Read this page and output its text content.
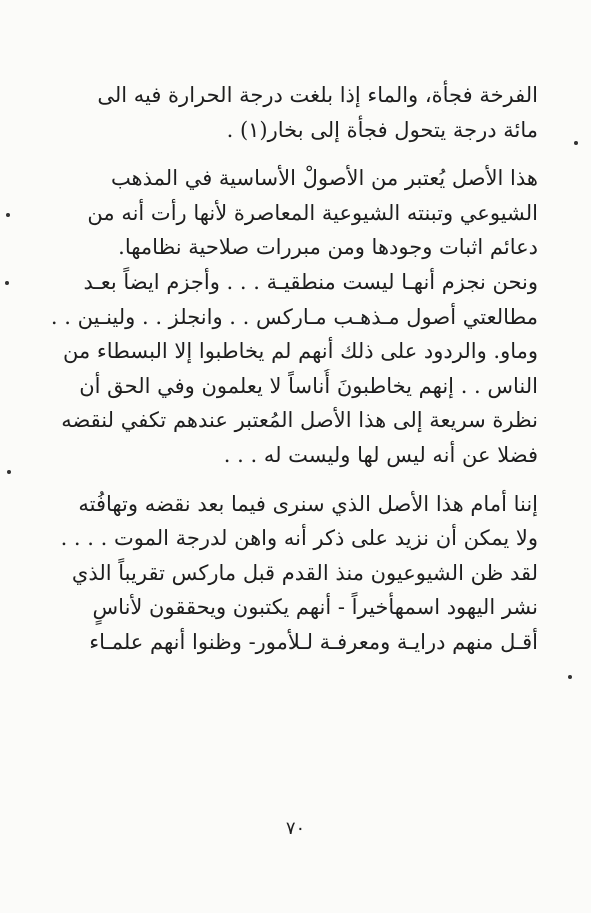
الفرخة فجأة، والماء إذا بلغت درجة الحرارة فيه الى
مائة درجة يتحول فجأة إلى بخار(١) .
هذا الأصل يُعتبر من الأصولْ الأساسية في المذهب
الشيوعي وتبنته الشيوعية المعاصرة لأنها رأت أنه من
دعائم اثبات وجودها ومن مبررات صلاحية نظامها.
ونحن نجزم أنهـا ليست منطقيـة . . . وأجزم ايضاً بعـد
مطالعتي أصول مـذهـب مـاركس . . وانجلز . . ولينـين . .
وماو. والردود على ذلك أنهم لم يخاطبوا إلا البسطاء من
الناس . . إنهم يخاطبونَ أُناساً لا يعلمون وفي الحق أن
نظرة سريعة إلى هذا الأصل المُعتبر عندهم تكفي لنقضه
فضلا عن أنه ليس لها وليست له . . .
إننا أمام هذا الأصل الذي سنرى فيما بعد نقضه وتهافُته
ولا يمكن أن نزيد على ذكر أنه واهن لدرجة الموت . . . .
لقد ظن الشيوعيون منذ القدم قبل ماركس تقريباً الذي
نشر اليهود اسمهأخيراً - أنهم يكتبون ويحققون لأناسٍ
أقـل منهم درايـة ومعرفـة لـلأمور- وظنوا أنهم علمـاء
٧٠
